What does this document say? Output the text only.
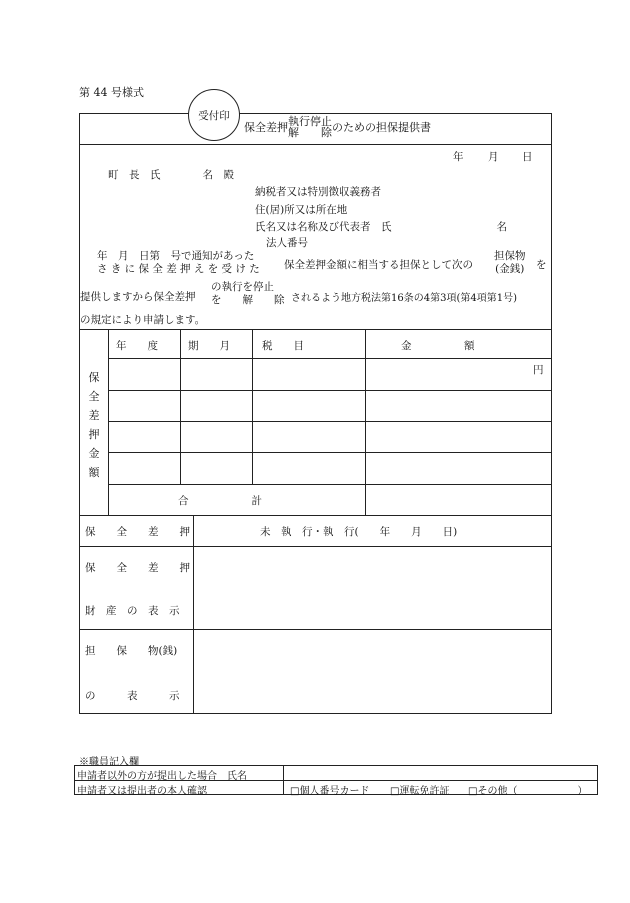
第 44 号様式
受付印
保全差押執行停止
解　　除のための担保提供書
年 月 日
町　長　氏　　　　名　殿
納税者又は特別徴収義務者
住(居)所又は所在地
氏名又は名称及び代表者　氏　　　　　　　　　　名
法人番号
年　月　日第　号で通知があった
さ き に 保 全 差 押 え を 受 け た 保全差押金額に相当する担保として次の
担保物
(金銭) を
提供しますから保全差押
の執行を停止
を　　解　　除 されるよう地方税法第16条の4第3項(第4項第1号)
の規定により申請します。
保
全
差
押
金
額
年　　度	期　　月	税　　目	金　　　　　額
円
合　　　　　　計
保　　全　　差　　押	未　執　行・執　行(　　年　　月　　日)
保　　全　　差　　押
財　産　の　表　示
担　　保　　物(銭)
の　　　表　　　示
※職員記入欄
申請者以外の方が提出した場合　氏名
申請者又は提出者の本人確認	□個人番号カード □運転免許証 □その他（　　　　　　）
